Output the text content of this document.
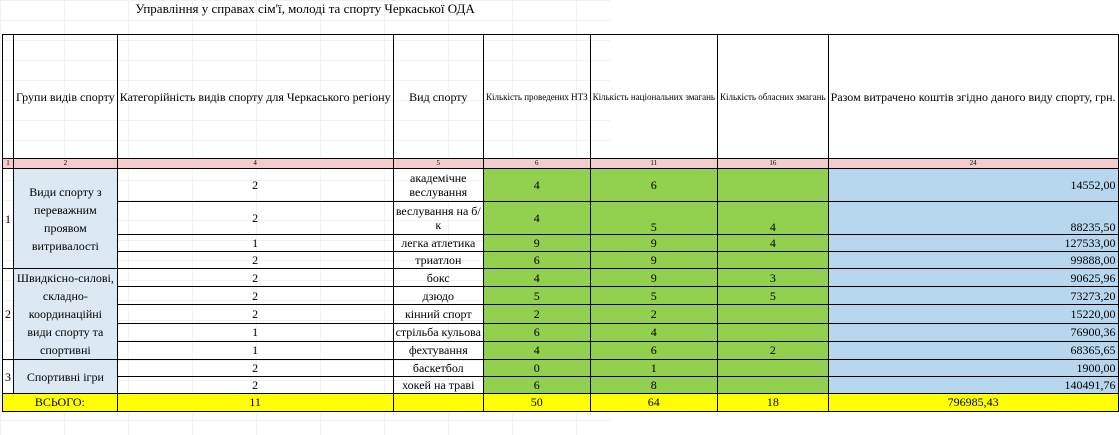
Управління у справах сім'ї, молоді та спорту Черкаської ОДА
	Групи видів спорту	Категорійність видів спорту для Черкаського регіону	Вид спорту	Кількість проведених НТЗ	Кількість національних змагань	Кількість обласних змагань	Разом витрачено коштів згідно даного виду спорту, грн.
1	2	4	5	6	11	16	24
1	Види спорту з переважним проявом витривалості	2	академічне веслування	4	6		14552,00
		2	веслування на б/к	4	5	4	88235,50
		1	легка атлетика	9	9	4	127533,00
		2	триатлон	6	9		99888,00
2	Швидкісно-силові, складно-координаційні види спорту та спортивні	2	бокс	4	9	3	90625,96
		2	дзюдо	5	5	5	73273,20
		2	кінний спорт	2	2		15220,00
		1	стрільба кульова	6	4		76900,36
		1	фехтування	4	6	2	68365,65
3	Спортивні ігри	2	баскетбол	0	1		1900,00
		2	хокей на траві	6	8		140491,76
ВСЬОГО:		11		50	64	18	796985,43
